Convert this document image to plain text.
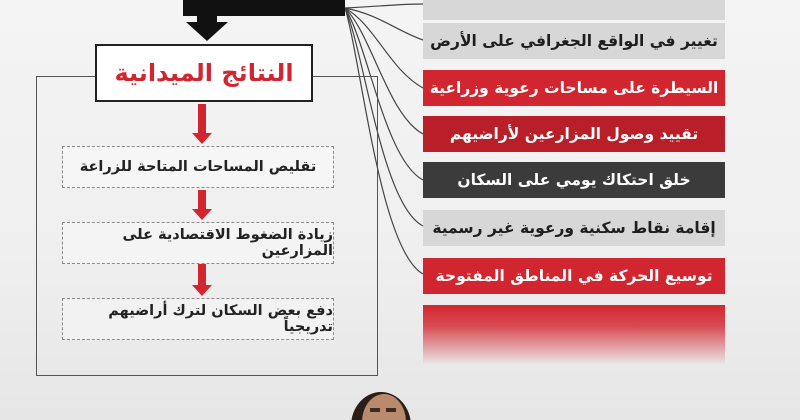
النتائج الميدانية
تقليص المساحات المتاحة للزراعة
زيادة الضغوط الاقتصادية على المزارعين
دفع بعض السكان لترك أراضيهم تدريجياً
تغيير في الواقع الجغرافي على الأرض
السيطرة على مساحات رعوية وزراعية
تقييد وصول المزارعين لأراضيهم
خلق احتكاك يومي على السكان
إقامة نقاط سكنية ورعوية غير رسمية
توسيع الحركة في المناطق المفتوحة
